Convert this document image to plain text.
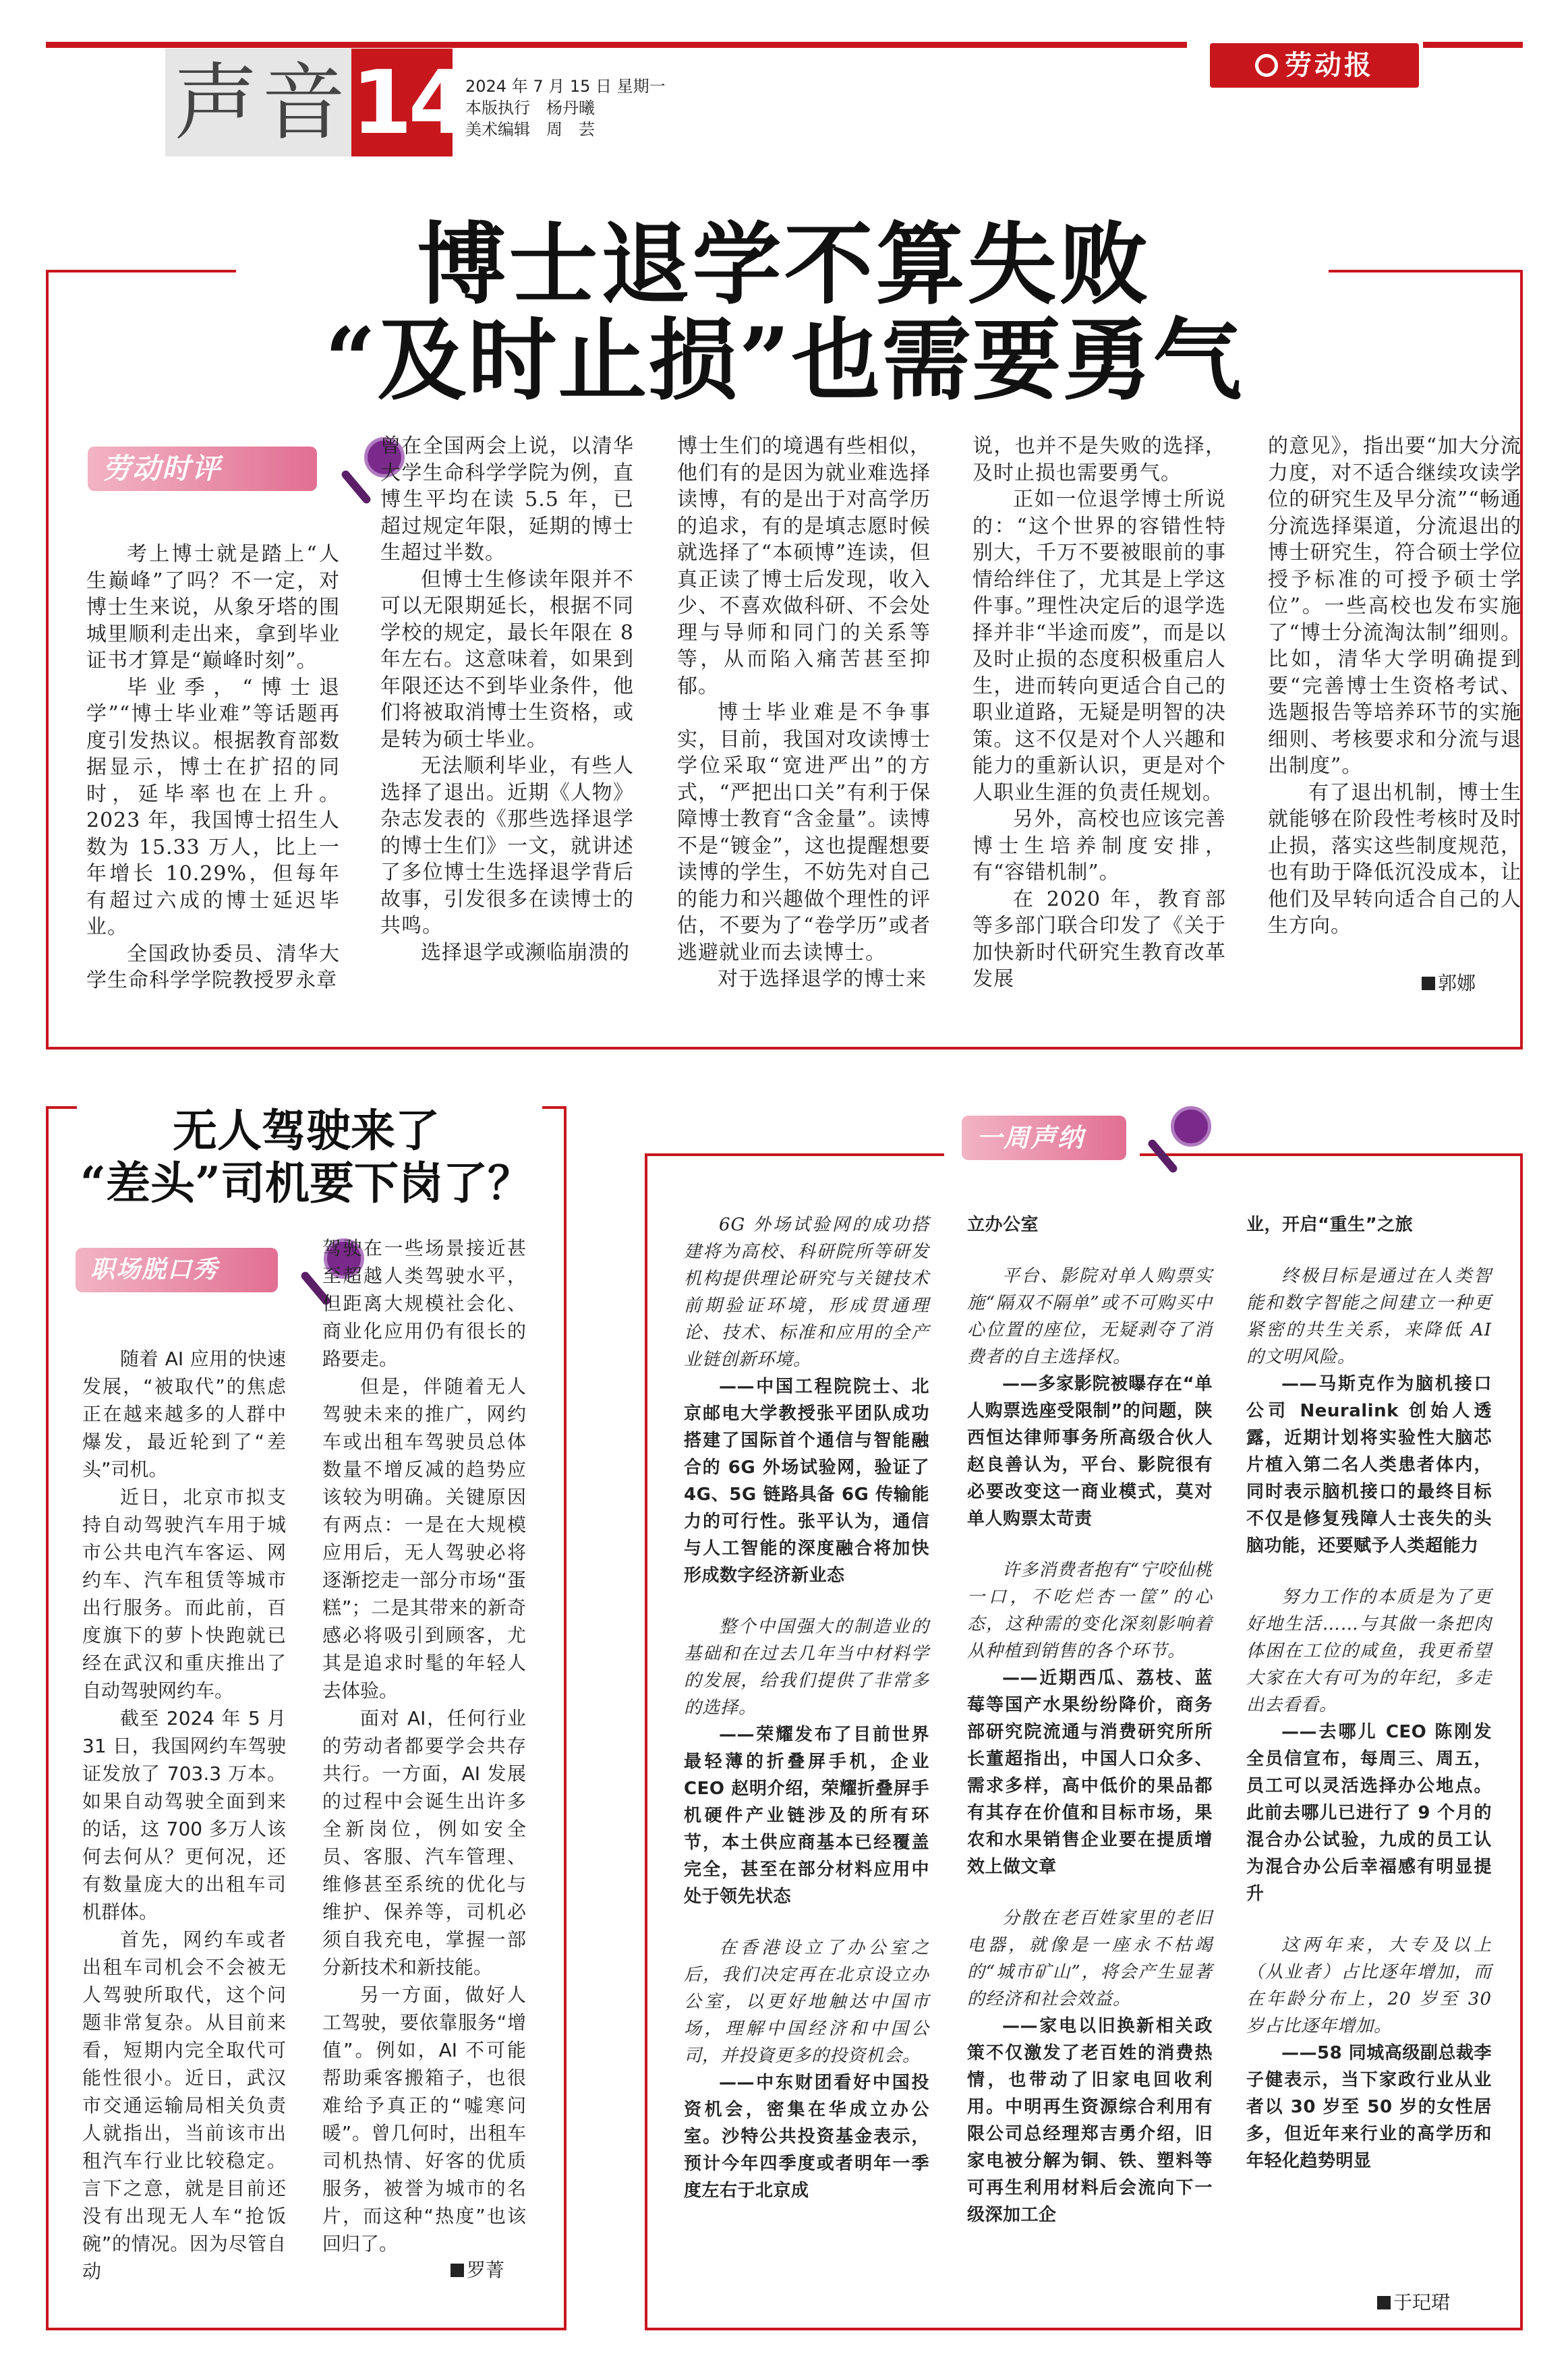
声音 14 2024 年 7 月 15 日 星期一
本版执行　杨丹曦
美术编辑　周　芸
劳动报
博士退学不算失败
“及时止损”也需要勇气
劳动时评

考上博士就是踏上“人生巅峰”了吗？不一定，对博士生来说，从象牙塔的围城里顺利走出来，拿到毕业证书才算是“巅峰时刻”。

毕业季，“博士退学”“博士毕业难”等话题再度引发热议。根据教育部数据显示，博士在扩招的同时，延毕率也在上升。2023 年，我国博士招生人数为 15.33 万人，比上一年增长 10.29%，但每年有超过六成的博士延迟毕业。

全国政协委员、清华大学生命科学学院教授罗永章

曾在全国两会上说，以清华大学生命科学学院为例，直博生平均在读 5.5 年，已超过规定年限，延期的博士生超过半数。

但博士生修读年限并不可以无限期延长，根据不同学校的规定，最长年限在 8 年左右。这意味着，如果到年限还达不到毕业条件，他们将被取消博士生资格，或是转为硕士毕业。

无法顺利毕业，有些人选择了退出。近期《人物》杂志发表的《那些选择退学的博士生们》一文，就讲述了多位博士生选择退学背后故事，引发很多在读博士的共鸣。

选择退学或濒临崩溃的

博士生们的境遇有些相似，他们有的是因为就业难选择读博，有的是出于对高学历的追求，有的是填志愿时候就选择了“本硕博”连读，但真正读了博士后发现，收入少、不喜欢做科研、不会处理与导师和同门的关系等等，从而陷入痛苦甚至抑郁。

博士毕业难是不争事实，目前，我国对攻读博士学位采取“宽进严出”的方式，“严把出口关”有利于保障博士教育“含金量”。读博不是“镀金”，这也提醒想要读博的学生，不妨先对自己的能力和兴趣做个理性的评估，不要为了“卷学历”或者逃避就业而去读博士。

对于选择退学的博士来

说，也并不是失败的选择，及时止损也需要勇气。

正如一位退学博士所说的：“这个世界的容错性特别大，千万不要被眼前的事情给绊住了，尤其是上学这件事。”理性决定后的退学选择并非“半途而废”，而是以及时止损的态度积极重启人生，进而转向更适合自己的职业道路，无疑是明智的决策。这不仅是对个人兴趣和能力的重新认识，更是对个人职业生涯的负责任规划。

另外，高校也应该完善博士生培养制度安排，有“容错机制”。

在 2020 年，教育部等多部门联合印发了《关于加快新时代研究生教育改革发展

的意见》，指出要“加大分流力度，对不适合继续攻读学位的研究生及早分流”“畅通分流选择渠道，分流退出的博士研究生，符合硕士学位授予标准的可授予硕士学位”。一些高校也发布实施了“博士分流淘汰制”细则。比如，清华大学明确提到要“完善博士生资格考试、选题报告等培养环节的实施细则、考核要求和分流与退出制度”。

有了退出机制，博士生就能够在阶段性考核时及时止损，落实这些制度规范，也有助于降低沉没成本，让他们及早转向适合自己的人生方向。

郭娜
无人驾驶来了
“差头”司机要下岗了？
职场脱口秀

随着 AI 应用的快速发展，“被取代”的焦虑正在越来越多的人群中爆发，最近轮到了“差头”司机。

近日，北京市拟支持自动驾驶汽车用于城市公共电汽车客运、网约车、汽车租赁等城市出行服务。而此前，百度旗下的萝卜快跑就已经在武汉和重庆推出了自动驾驶网约车。

截至 2024 年 5 月 31 日，我国网约车驾驶证发放了 703.3 万本。如果自动驾驶全面到来的话，这 700 多万人该何去何从？更何况，还有数量庞大的出租车司机群体。

首先，网约车或者出租车司机会不会被无人驾驶所取代，这个问题非常复杂。从目前来看，短期内完全取代可能性很小。近日，武汉市交通运输局相关负责人就指出，当前该市出租汽车行业比较稳定。言下之意，就是目前还没有出现无人车“抢饭碗”的情况。因为尽管自动

驾驶在一些场景接近甚至超越人类驾驶水平，但距离大规模社会化、商业化应用仍有很长的路要走。

但是，伴随着无人驾驶未来的推广，网约车或出租车驾驶员总体数量不增反减的趋势应该较为明确。关键原因有两点：一是在大规模应用后，无人驾驶必将逐渐挖走一部分市场“蛋糕”；二是其带来的新奇感必将吸引到顾客，尤其是追求时髦的年轻人去体验。

面对 AI，任何行业的劳动者都要学会共存共行。一方面，AI 发展的过程中会诞生出许多全新岗位，例如安全员、客服、汽车管理、维修甚至系统的优化与维护、保养等，司机必须自我充电，掌握一部分新技术和新技能。

另一方面，做好人工驾驶，要依靠服务“增值”。例如，AI 不可能帮助乘客搬箱子，也很难给予真正的“嘘寒问暖”。曾几何时，出租车司机热情、好客的优质服务，被誉为城市的名片，而这种“热度”也该回归了。

罗菁
一周声纳

6G 外场试验网的成功搭建将为高校、科研院所等研发机构提供理论研究与关键技术前期验证环境，形成贯通理论、技术、标准和应用的全产业链创新环境。

——中国工程院院士、北京邮电大学教授张平团队成功搭建了国际首个通信与智能融合的 6G 外场试验网，验证了 4G、5G 链路具备 6G 传输能力的可行性。张平认为，通信与人工智能的深度融合将加快形成数字经济新业态

整个中国强大的制造业的基础和在过去几年当中材料学的发展，给我们提供了非常多的选择。

——荣耀发布了目前世界最轻薄的折叠屏手机，企业 CEO 赵明介绍，荣耀折叠屏手机硬件产业链涉及的所有环节，本土供应商基本已经覆盖完全，甚至在部分材料应用中处于领先状态

在香港设立了办公室之后，我们决定再在北京设立办公室，以更好地触达中国市场，理解中国经济和中国公司，并投資更多的投资机会。

——中东财团看好中国投资机会，密集在华成立办公室。沙特公共投资基金表示，预计今年四季度或者明年一季度左右于北京成

立办公室

平台、影院对单人购票实施“隔双不隔单”或不可购买中心位置的座位，无疑剥夺了消费者的自主选择权。

——多家影院被曝存在“单人购票选座受限制”的问题，陕西恒达律师事务所高级合伙人赵良善认为，平台、影院很有必要改变这一商业模式，莫对单人购票太苛责

许多消费者抱有“宁咬仙桃一口，不吃烂杏一筐”的心态，这种需的变化深刻影响着从种植到销售的各个环节。

——近期西瓜、荔枝、蓝莓等国产水果纷纷降价，商务部研究院流通与消费研究所所长董超指出，中国人口众多、需求多样，高中低价的果品都有其存在价值和目标市场，果农和水果销售企业要在提质增效上做文章

分散在老百姓家里的老旧电器，就像是一座永不枯竭的“城市矿山”，将会产生显著的经济和社会效益。

——家电以旧换新相关政策不仅激发了老百姓的消费热情，也带动了旧家电回收利用。中明再生资源综合利用有限公司总经理郑吉勇介绍，旧家电被分解为铜、铁、塑料等可再生利用材料后会流向下一级深加工企

业，开启“重生”之旅

终极目标是通过在人类智能和数字智能之间建立一种更紧密的共生关系，来降低 AI 的文明风险。

——马斯克作为脑机接口公司 Neuralink 创始人透露，近期计划将实验性大脑芯片植入第二名人类患者体内，同时表示脑机接口的最终目标不仅是修复残障人士丧失的头脑功能，还要赋予人类超能力

努力工作的本质是为了更好地生活……与其做一条把肉体困在工位的咸鱼，我更希望大家在大有可为的年纪，多走出去看看。

——去哪儿 CEO 陈刚发全员信宣布，每周三、周五，员工可以灵活选择办公地点。此前去哪儿已进行了 9 个月的混合办公试验，九成的员工认为混合办公后幸福感有明显提升

这两年来，大专及以上（从业者）占比逐年增加，而在年龄分布上，20 岁至 30 岁占比逐年增加。

——58 同城高级副总裁李子健表示，当下家政行业从业者以 30 岁至 50 岁的女性居多，但近年来行业的高学历和年轻化趋势明显

于玘珺
